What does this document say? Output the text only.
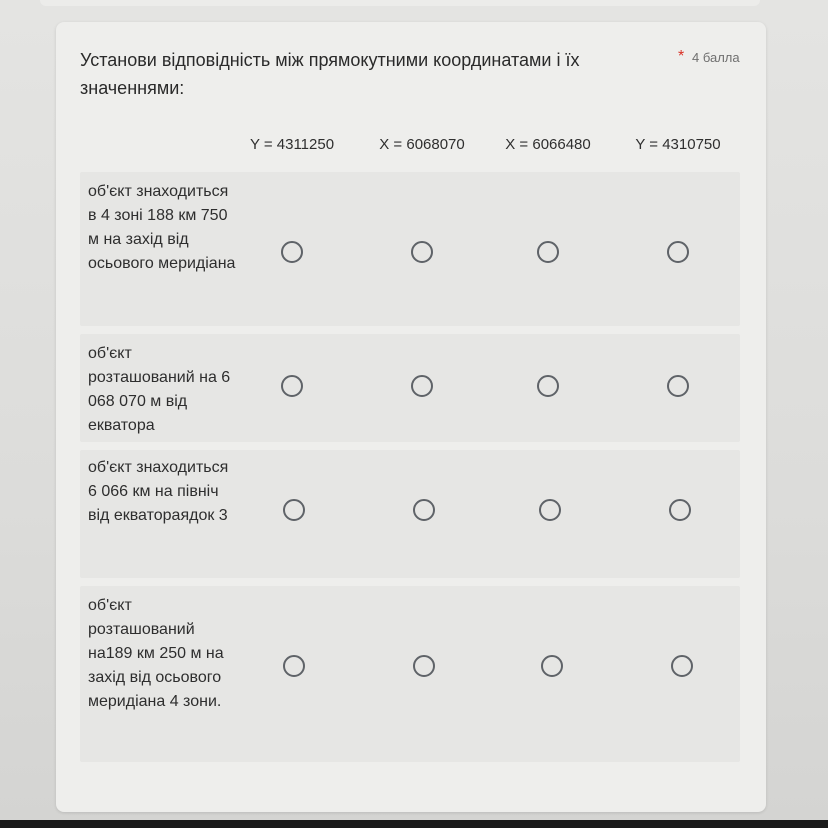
Установи відповідність між прямокутними координатами і їх значеннями:
* 4 балла
Y = 4311250	X = 6068070	X = 6066480	Y = 4310750
об'єкт знаходиться в 4 зоні 188 км 750 м на захід від осьового меридіана
об'єкт розташований на 6 068 070 м від екватора
об'єкт знаходиться 6 066 км на північ від екватораядок 3
об'єкт розташований на189 км 250 м на захід від осьового меридіана 4 зони.
